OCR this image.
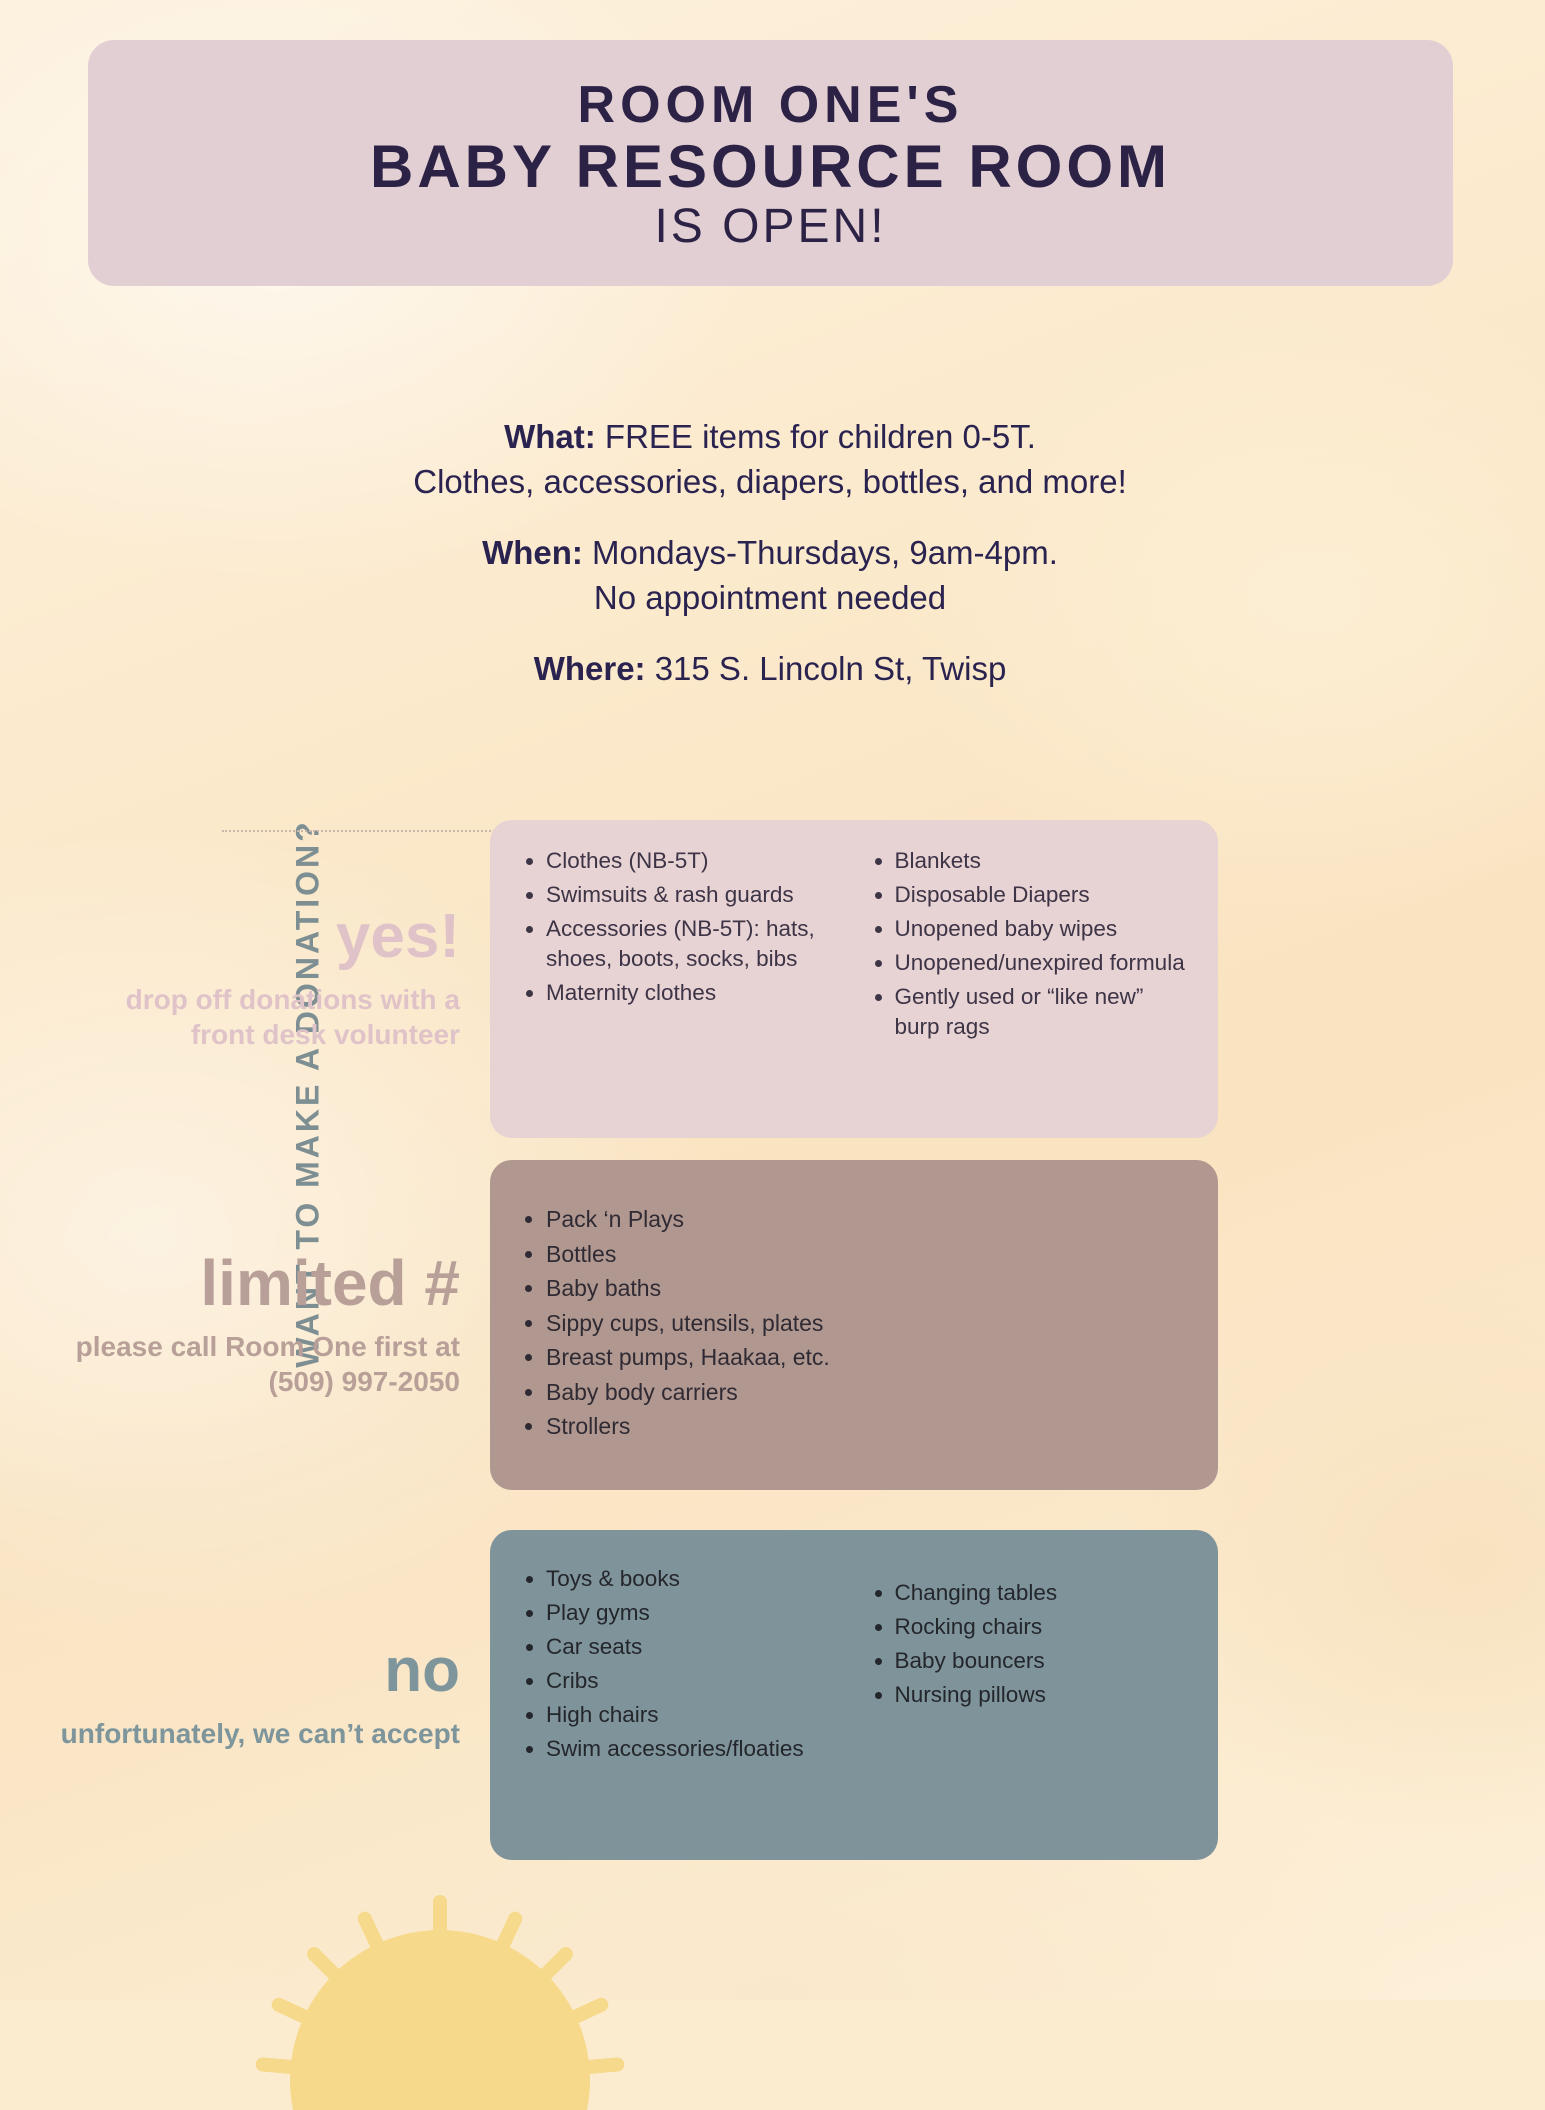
ROOM ONE'S
BABY RESOURCE ROOM
IS OPEN!
What: FREE items for children 0-5T.
Clothes, accessories, diapers, bottles, and more!
When: Mondays-Thursdays, 9am-4pm.
No appointment needed
Where: 315 S. Lincoln St, Twisp
WANT TO MAKE A DONATION? yes!
drop off donations with a front desk volunteer
• Clothes (NB-5T)
• Swimsuits & rash guards
• Accessories (NB-5T): hats, shoes, boots, socks, bibs
• Maternity clothes
• Blankets
• Disposable Diapers
• Unopened baby wipes
• Unopened/unexpired formula
• Gently used or “like new” burp rags
limited #
please call Room One first at (509) 997-2050
• Pack ‘n Plays
• Bottles
• Baby baths
• Sippy cups, utensils, plates
• Breast pumps, Haakaa, etc.
• Baby body carriers
• Strollers
no
unfortunately, we can’t accept
• Toys & books
• Play gyms
• Car seats
• Cribs
• High chairs
• Swim accessories/floaties
• Changing tables
• Rocking chairs
• Baby bouncers
• Nursing pillows
